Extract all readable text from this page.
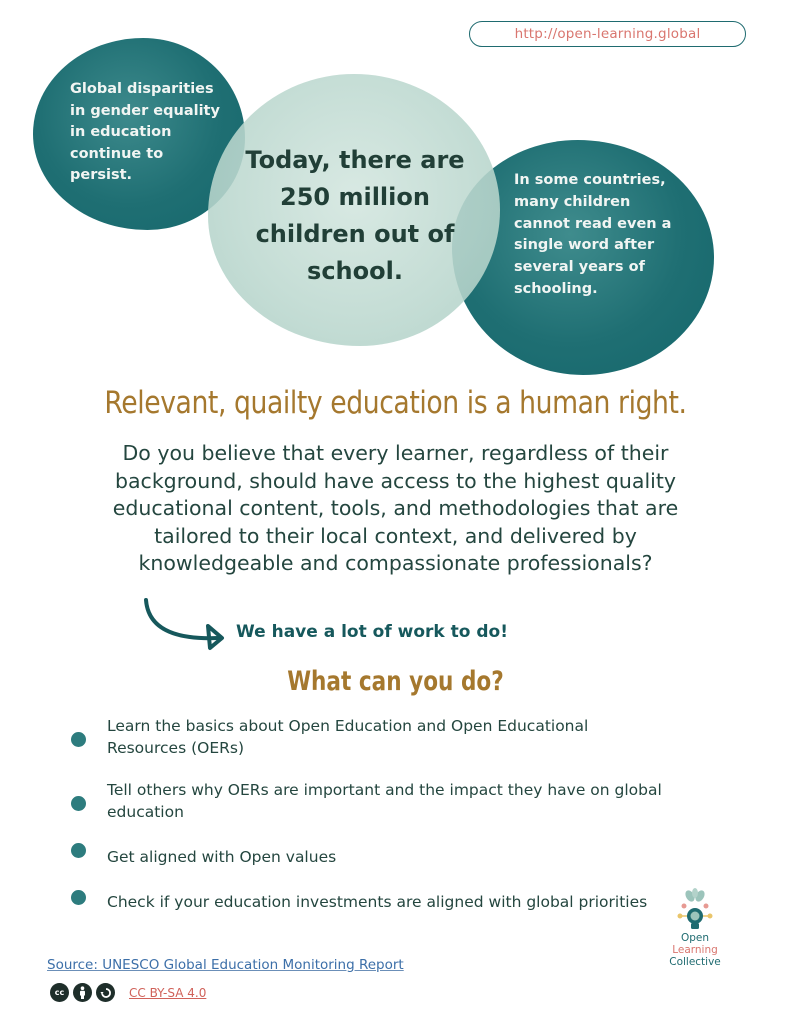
http://open-learning.global
Global disparities in gender equality in education continue to persist.
Today, there are 250 million children out of school.
In some countries, many children cannot read even a single word after several years of schooling.
Relevant, quailty education is a human right.

Do you believe that every learner, regardless of their background, should have access to the highest quality educational content, tools, and methodologies that are tailored to their local context, and delivered by knowledgeable and compassionate professionals?

We have a lot of work to do!
What can you do?
Learn the basics about Open Education and Open Educational Resources (OERs)
Tell others why OERs are important and the impact they have on global education
Get aligned with Open values
Check if your education investments are aligned with global priorities
Open
Learning
Collective
Source: UNESCO Global Education Monitoring Report
cc	CC BY-SA 4.0
